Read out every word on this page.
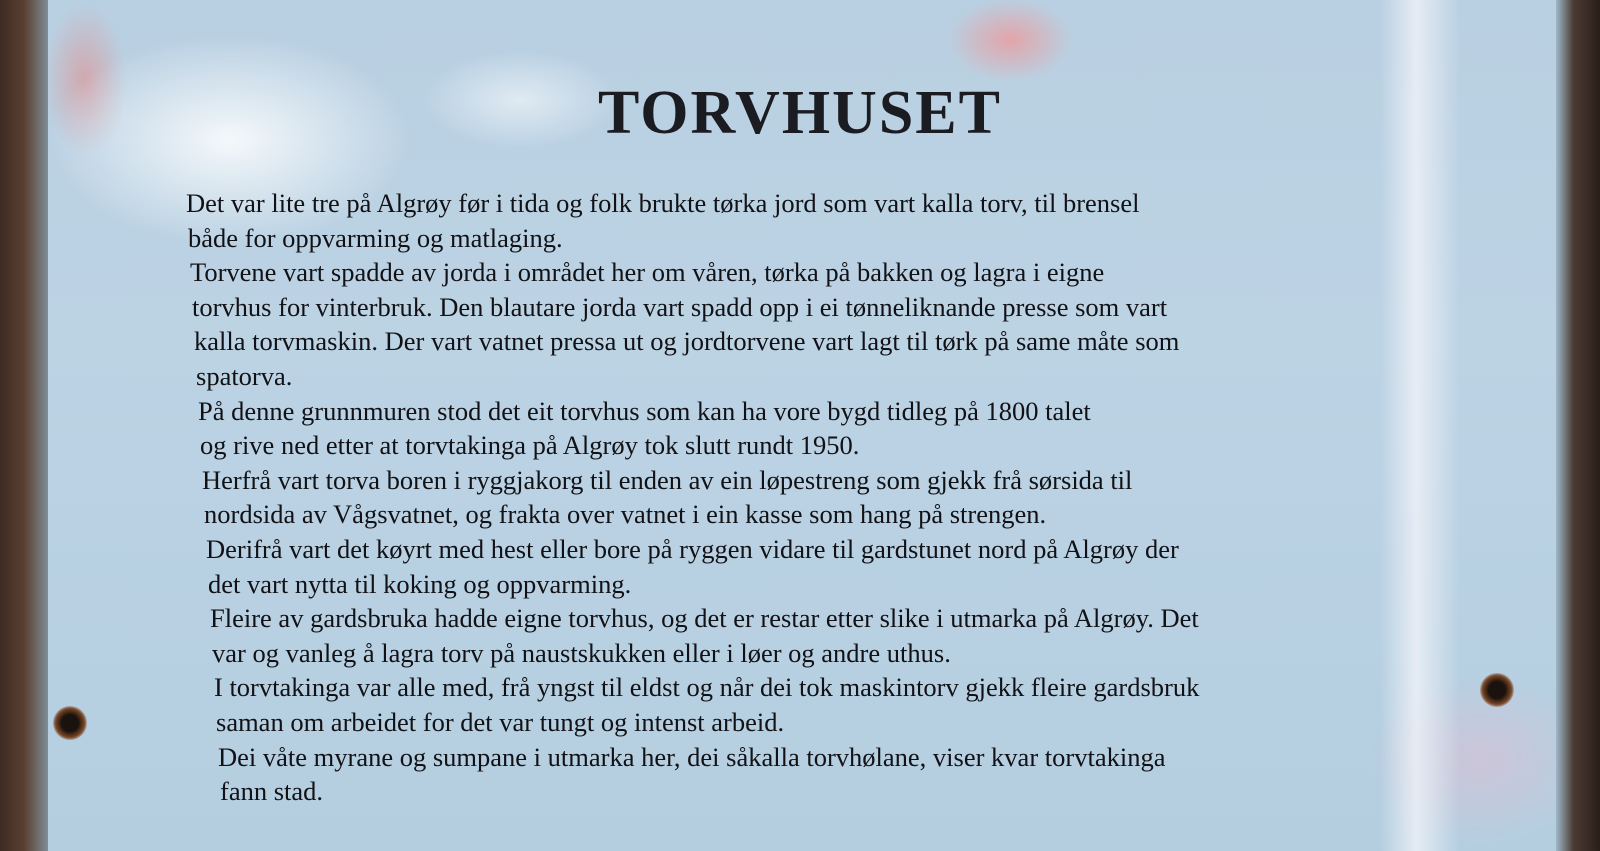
TORVHUSET
Det var lite tre på Algrøy før i tida og folk brukte tørka jord som vart kalla torv, til brensel
både for oppvarming og matlaging.
Torvene vart spadde av jorda i området her om våren, tørka på bakken og lagra i eigne
torvhus for vinterbruk. Den blautare jorda vart spadd opp i ei tønneliknande presse som vart
kalla torvmaskin. Der vart vatnet pressa ut og jordtorvene vart lagt til tørk på same måte som
spatorva.
På denne grunnmuren stod det eit torvhus som kan ha vore bygd tidleg på 1800 talet
og rive ned etter at torvtakinga på Algrøy tok slutt rundt 1950.
Herfrå vart torva boren i ryggjakorg til enden av ein løpestreng som gjekk frå sørsida til
nordsida av Vågsvatnet, og frakta over vatnet i ein kasse som hang på strengen.
Derifrå vart det køyrt med hest eller bore på ryggen vidare til gardstunet nord på Algrøy der
det vart nytta til koking og oppvarming.
Fleire av gardsbruka hadde eigne torvhus, og det er restar etter slike i utmarka på Algrøy. Det
var og vanleg å lagra torv på naustskukken eller i løer og andre uthus.
I torvtakinga var alle med, frå yngst til eldst og når dei tok maskintorv gjekk fleire gardsbruk
saman om arbeidet for det var tungt og intenst arbeid.
Dei våte myrane og sumpane i utmarka her, dei såkalla torvhølane, viser kvar torvtakinga
fann stad.
